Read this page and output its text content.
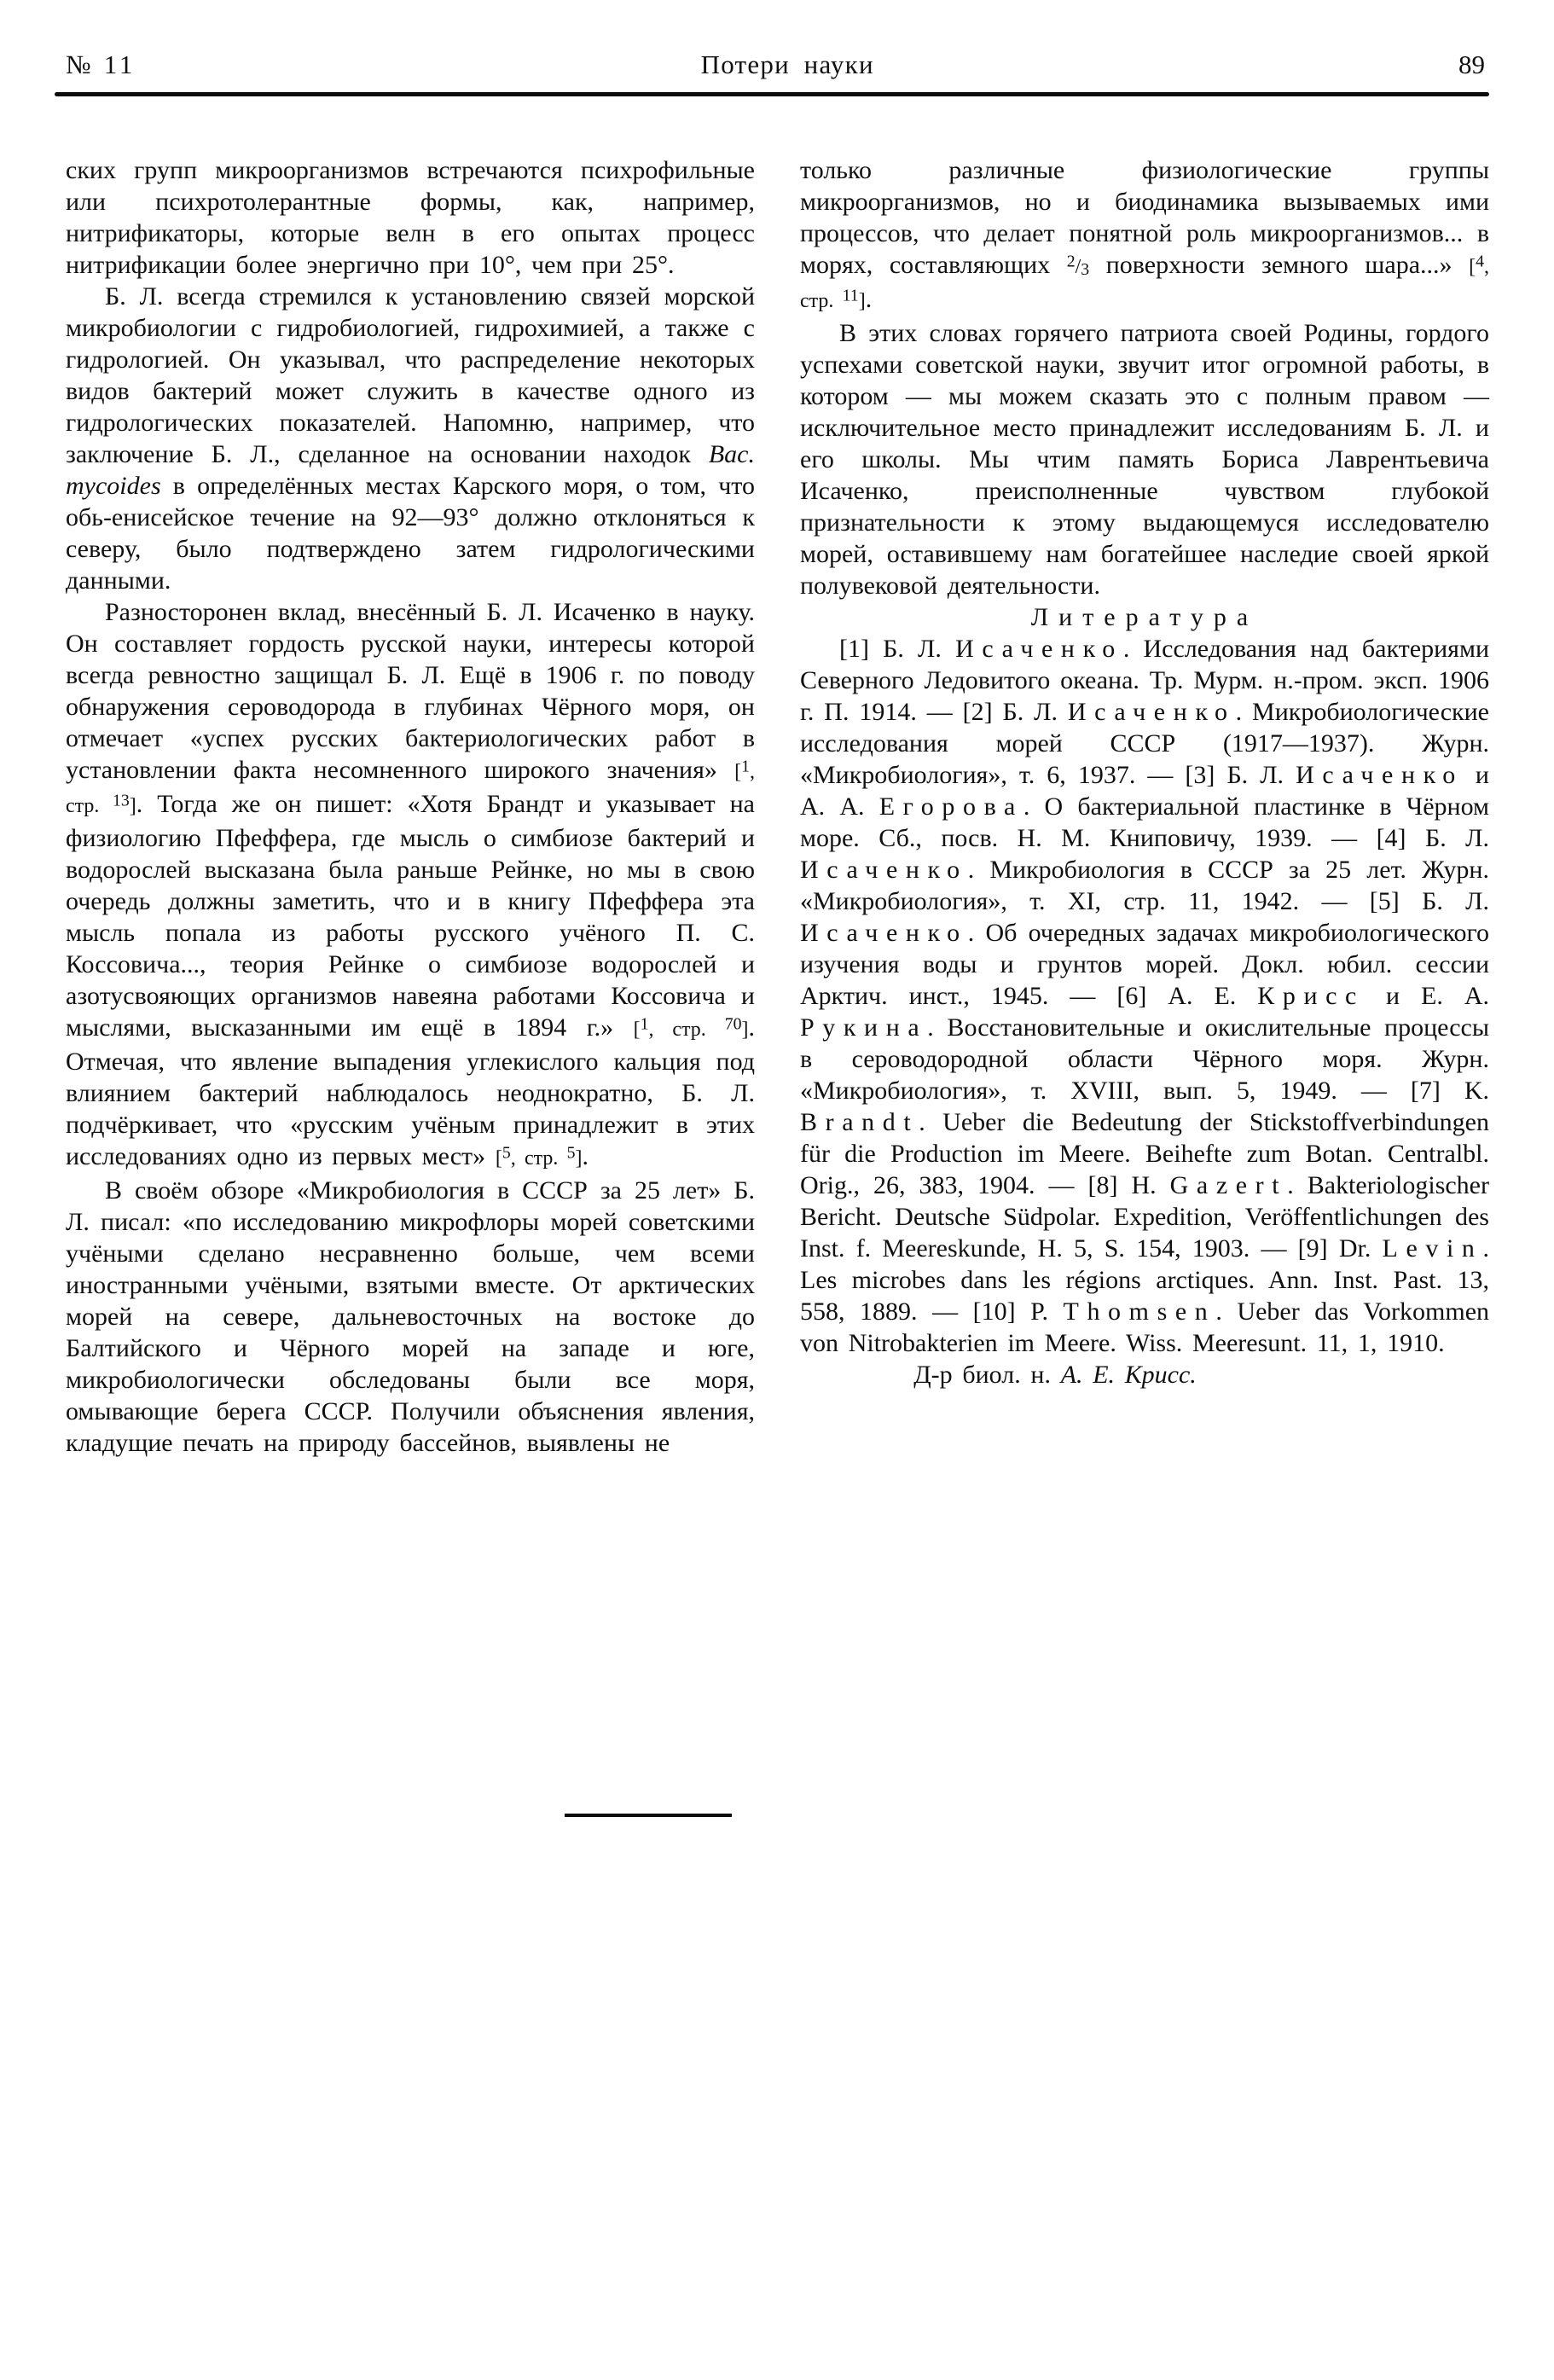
№ 11	Потери науки	89

ских групп микроорганизмов встречаются психрофильные или психротолерантные формы, как, например, нитрификаторы, которые велн в его опытах процесс нитрификации более энергично при 10°, чем при 25°.

Б. Л. всегда стремился к установлению связей морской микробиологии с гидробиологией, гидрохимией, а также с гидрологией. Он указывал, что распределение некоторых видов бактерий может служить в качестве одного из гидрологических показателей. Напомню, например, что заключение Б. Л., сделанное на основании находок Bac. mycoides в определённых местах Карского моря, о том, что обь-енисейское течение на 92—93° должно отклоняться к северу, было подтверждено затем гидрологическими данными.

Разносторонен вклад, внесённый Б. Л. Исаченко в науку. Он составляет гордость русской науки, интересы которой всегда ревностно защищал Б. Л. Ещё в 1906 г. по поводу обнаружения сероводорода в глубинах Чёрного моря, он отмечает «успех русских бактериологических работ в установлении факта несомненного широкого значения» [$^1$, стр. $^{13}$]. Тогда же он пишет: «Хотя Брандт и указывает на физиологию Пфеффера, где мысль о симбиозе бактерий и водорослей высказана была раньше Рейнке, но мы в свою очередь должны заметить, что и в книгу Пфеффера эта мысль попала из работы русского учёного П. С. Коссовича..., теория Рейнке о симбиозе водорослей и азотусвояющих организмов навеяна работами Коссовича и мыслями, высказанными им ещё в 1894 г.» [$^1$, стр. $^{70}$]. Отмечая, что явление выпадения углекислого кальция под влиянием бактерий наблюдалось неоднократно, Б. Л. подчёркивает, что «русским учёным принадлежит в этих исследованиях одно из первых мест» [$^5$, стр. $^5$].

В своём обзоре «Микробиология в СССР за 25 лет» Б. Л. писал: «по исследованию микрофлоры морей советскими учёными сделано несравненно больше, чем всеми иностранными учёными, взятыми вместе. От арктических морей на севере, дальневосточных на востоке до Балтийского и Чёрного морей на западе и юге, микробиологически обследованы были все моря, омывающие берега СССР. Получили объяснения явления, кладущие печать на природу бассейнов, выявлены не

только различные физиологические группы микроорганизмов, но и биодинамика вызываемых ими процессов, что делает понятной роль микроорганизмов... в морях, составляющих $^2$/3 поверхности земного шара...» [$^4$, стр. $^{11}$].

В этих словах горячего патриота своей Родины, гордого успехами советской науки, звучит итог огромной работы, в котором — мы можем сказать это с полным правом — исключительное место принадлежит исследованиям Б. Л. и его школы. Мы чтим память Бориса Лаврентьевича Исаченко, преисполненные чувством глубокой признательности к этому выдающемуся исследователю морей, оставившему нам богатейшее наследие своей яркой полувековой деятельности.

Литература

[1] Б. Л. Исаченко. Исследования над бактериями Северного Ледовитого океана. Тр. Мурм. н.-пром. эксп. 1906 г. П. 1914. — [2] Б. Л. Исаченко. Микробиологические исследования морей СССР (1917—1937). Журн. «Микробиология», т. 6, 1937. — [3] Б. Л. Исаченко и А. А. Егорова. О бактериальной пластинке в Чёрном море. Сб., посв. Н. М. Книповичу, 1939. — [4] Б. Л. Исаченко. Микробиология в СССР за 25 лет. Журн. «Микробиология», т. XI, стр. 11, 1942. — [5] Б. Л. Исаченко. Об очередных задачах микробиологического изучения воды и грунтов морей. Докл. юбил. сессии Арктич. инст., 1945. — [6] А. Е. Крисс и Е. А. Рукина. Восстановительные и окислительные процессы в сероводородной области Чёрного моря. Журн. «Микробиология», т. XVIII, вып. 5, 1949. — [7] K. Brandt. Ueber die Bedeutung der Stickstoffverbindungen für die Production im Meere. Beihefte zum Botan. Centralbl. Orig., 26, 383, 1904. — [8] H. Gazert. Bakteriologischer Bericht. Deutsche Südpolar. Expedition, Veröffentlichungen des Inst. f. Meereskunde, H. 5, S. 154, 1903. — [9] Dr. Levin. Les microbes dans les régions arctiques. Ann. Inst. Past. 13, 558, 1889. — [10] P. Thomsen. Ueber das Vorkommen von Nitrobakterien im Meere. Wiss. Meeresunt. 11, 1, 1910.

Д-р биол. н. А. Е. Крисс.
